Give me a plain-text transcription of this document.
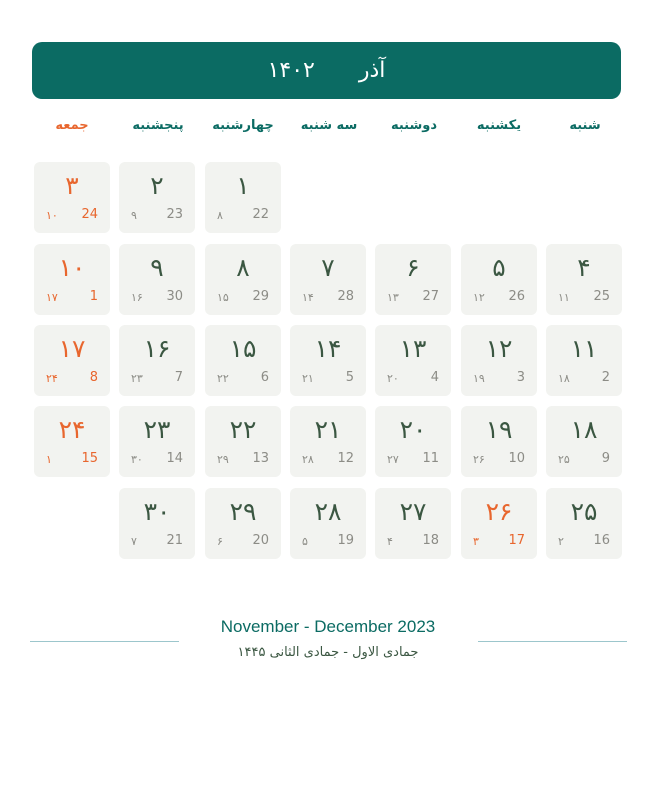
آذر
۱۴۰۲
شنبه
یکشنبه
دوشنبه
سه شنبه
چهارشنبه
پنجشنبه
جمعه
۱
22
۸
۲
23
۹
۳
24
۱۰
۴
25
۱۱
۵
26
۱۲
۶
27
۱۳
۷
28
۱۴
۸
29
۱۵
۹
30
۱۶
۱۰
1
۱۷
۱۱
2
۱۸
۱۲
3
۱۹
۱۳
4
۲۰
۱۴
5
۲۱
۱۵
6
۲۲
۱۶
7
۲۳
۱۷
8
۲۴
۱۸
9
۲۵
۱۹
10
۲۶
۲۰
11
۲۷
۲۱
12
۲۸
۲۲
13
۲۹
۲۳
14
۳۰
۲۴
15
۱
۲۵
16
۲
۲۶
17
۳
۲۷
18
۴
۲۸
19
۵
۲۹
20
۶
۳۰
21
۷
November - December 2023
جمادی الاول - جمادی الثانی ۱۴۴۵
